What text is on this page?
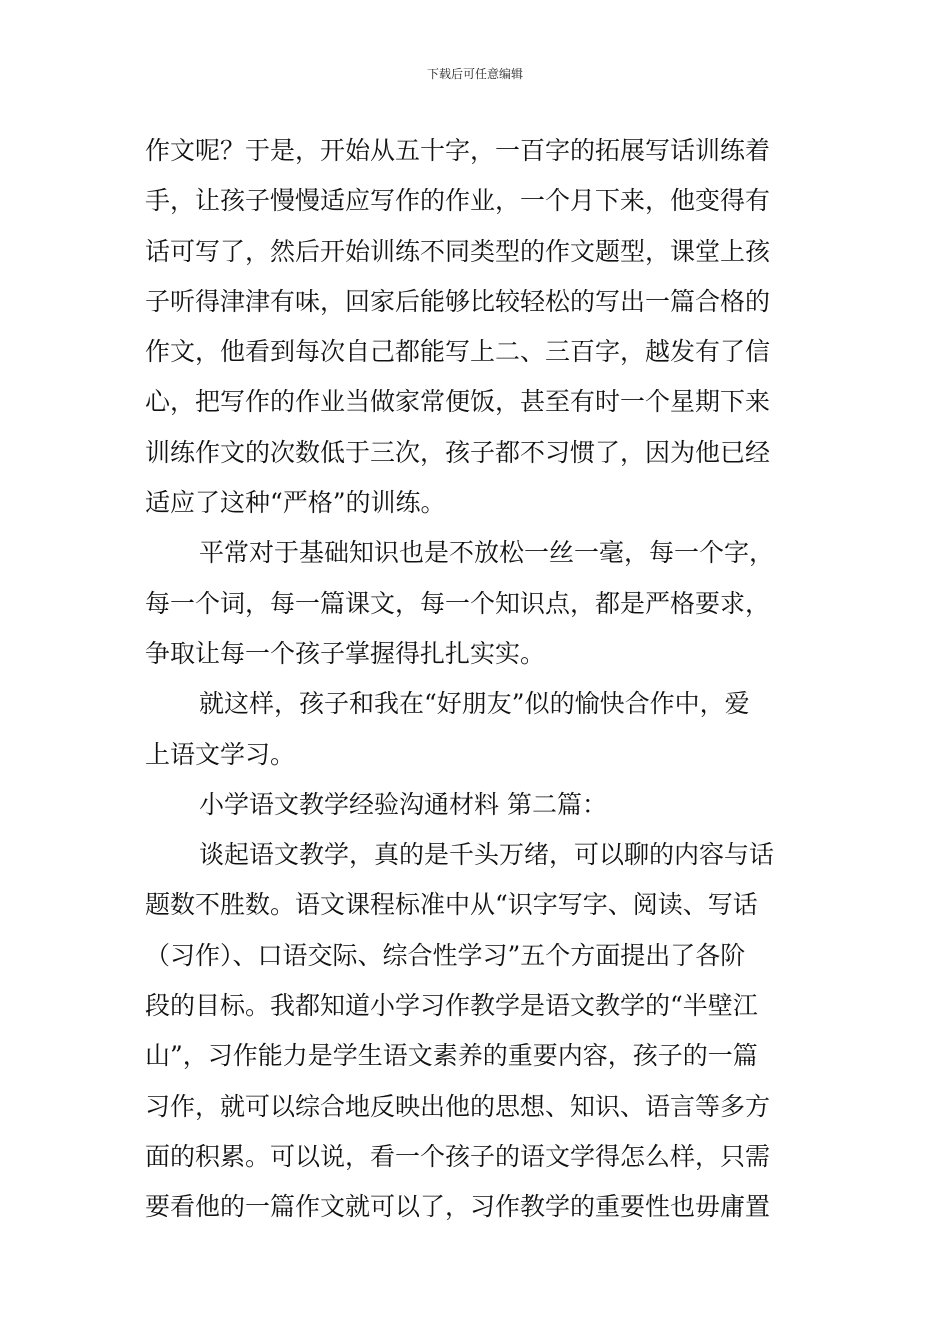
下载后可任意编辑
作文呢？于是，开始从五十字，一百字的拓展写话训练着
手，让孩子慢慢适应写作的作业，一个月下来，他变得有
话可写了，然后开始训练不同类型的作文题型，课堂上孩
子听得津津有味，回家后能够比较轻松的写出一篇合格的
作文，他看到每次自己都能写上二、三百字，越发有了信
心，把写作的作业当做家常便饭，甚至有时一个星期下来
训练作文的次数低于三次，孩子都不习惯了，因为他已经
适应了这种“严格”的训练。
平常对于基础知识也是不放松一丝一毫，每一个字，
每一个词，每一篇课文，每一个知识点，都是严格要求，
争取让每一个孩子掌握得扎扎实实。
就这样，孩子和我在“好朋友”似的愉快合作中，爱
上语文学习。
小学语文教学经验沟通材料 第二篇：
谈起语文教学，真的是千头万绪，可以聊的内容与话
题数不胜数。语文课程标准中从“识字写字、阅读、写话
（习作）、口语交际、综合性学习”五个方面提出了各阶
段的目标。我都知道小学习作教学是语文教学的“半壁江
山”，习作能力是学生语文素养的重要内容，孩子的一篇
习作，就可以综合地反映出他的思想、知识、语言等多方
面的积累。可以说，看一个孩子的语文学得怎么样，只需
要看他的一篇作文就可以了，习作教学的重要性也毋庸置
